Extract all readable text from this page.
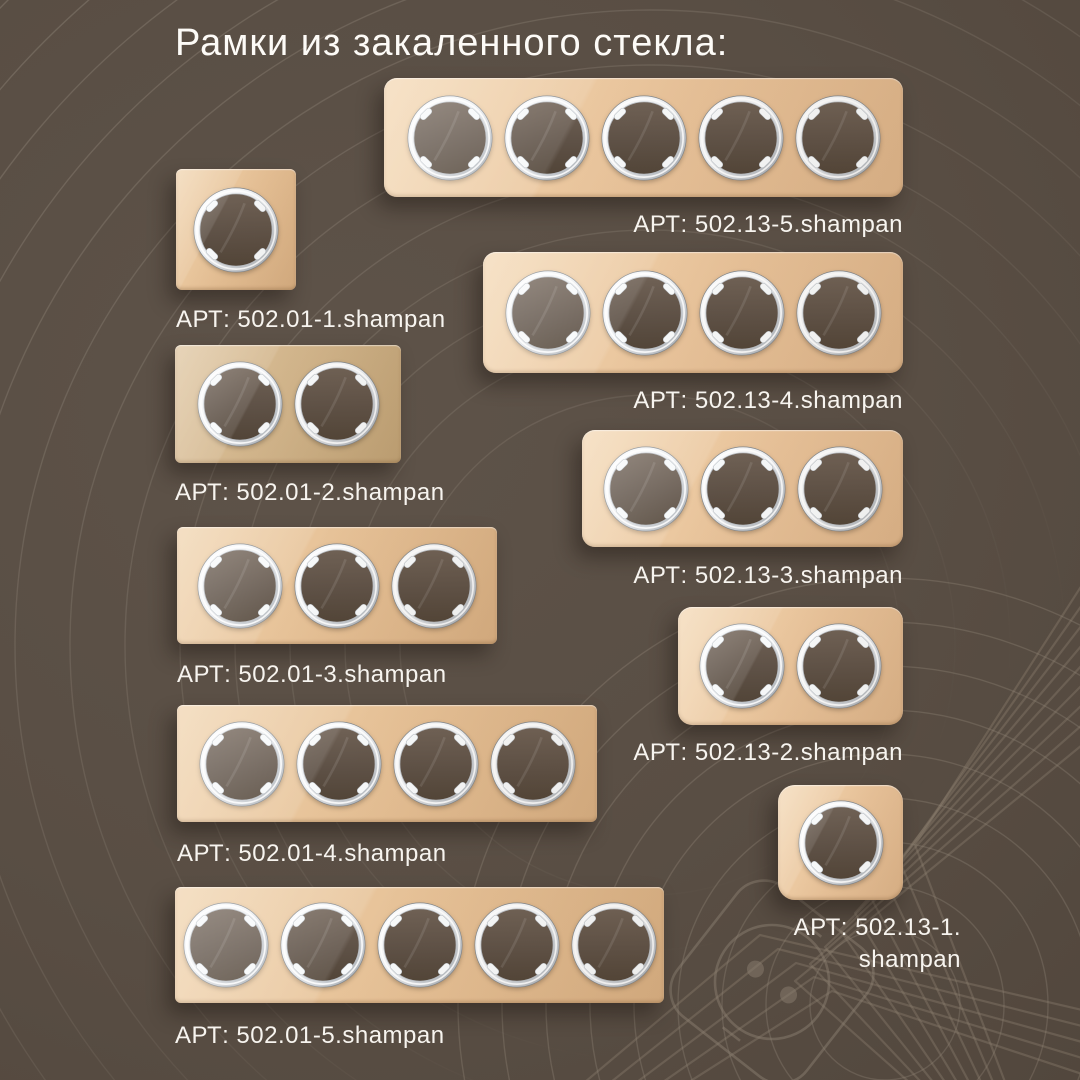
Рамки из закаленного стекла:
АРТ: 502.01-1.shampan
АРТ: 502.01-2.shampan
АРТ: 502.01-3.shampan
АРТ: 502.01-4.shampan
АРТ: 502.01-5.shampan
АРТ: 502.13-5.shampan
АРТ: 502.13-4.shampan
АРТ: 502.13-3.shampan
АРТ: 502.13-2.shampan
АРТ: 502.13-1.
shampan
